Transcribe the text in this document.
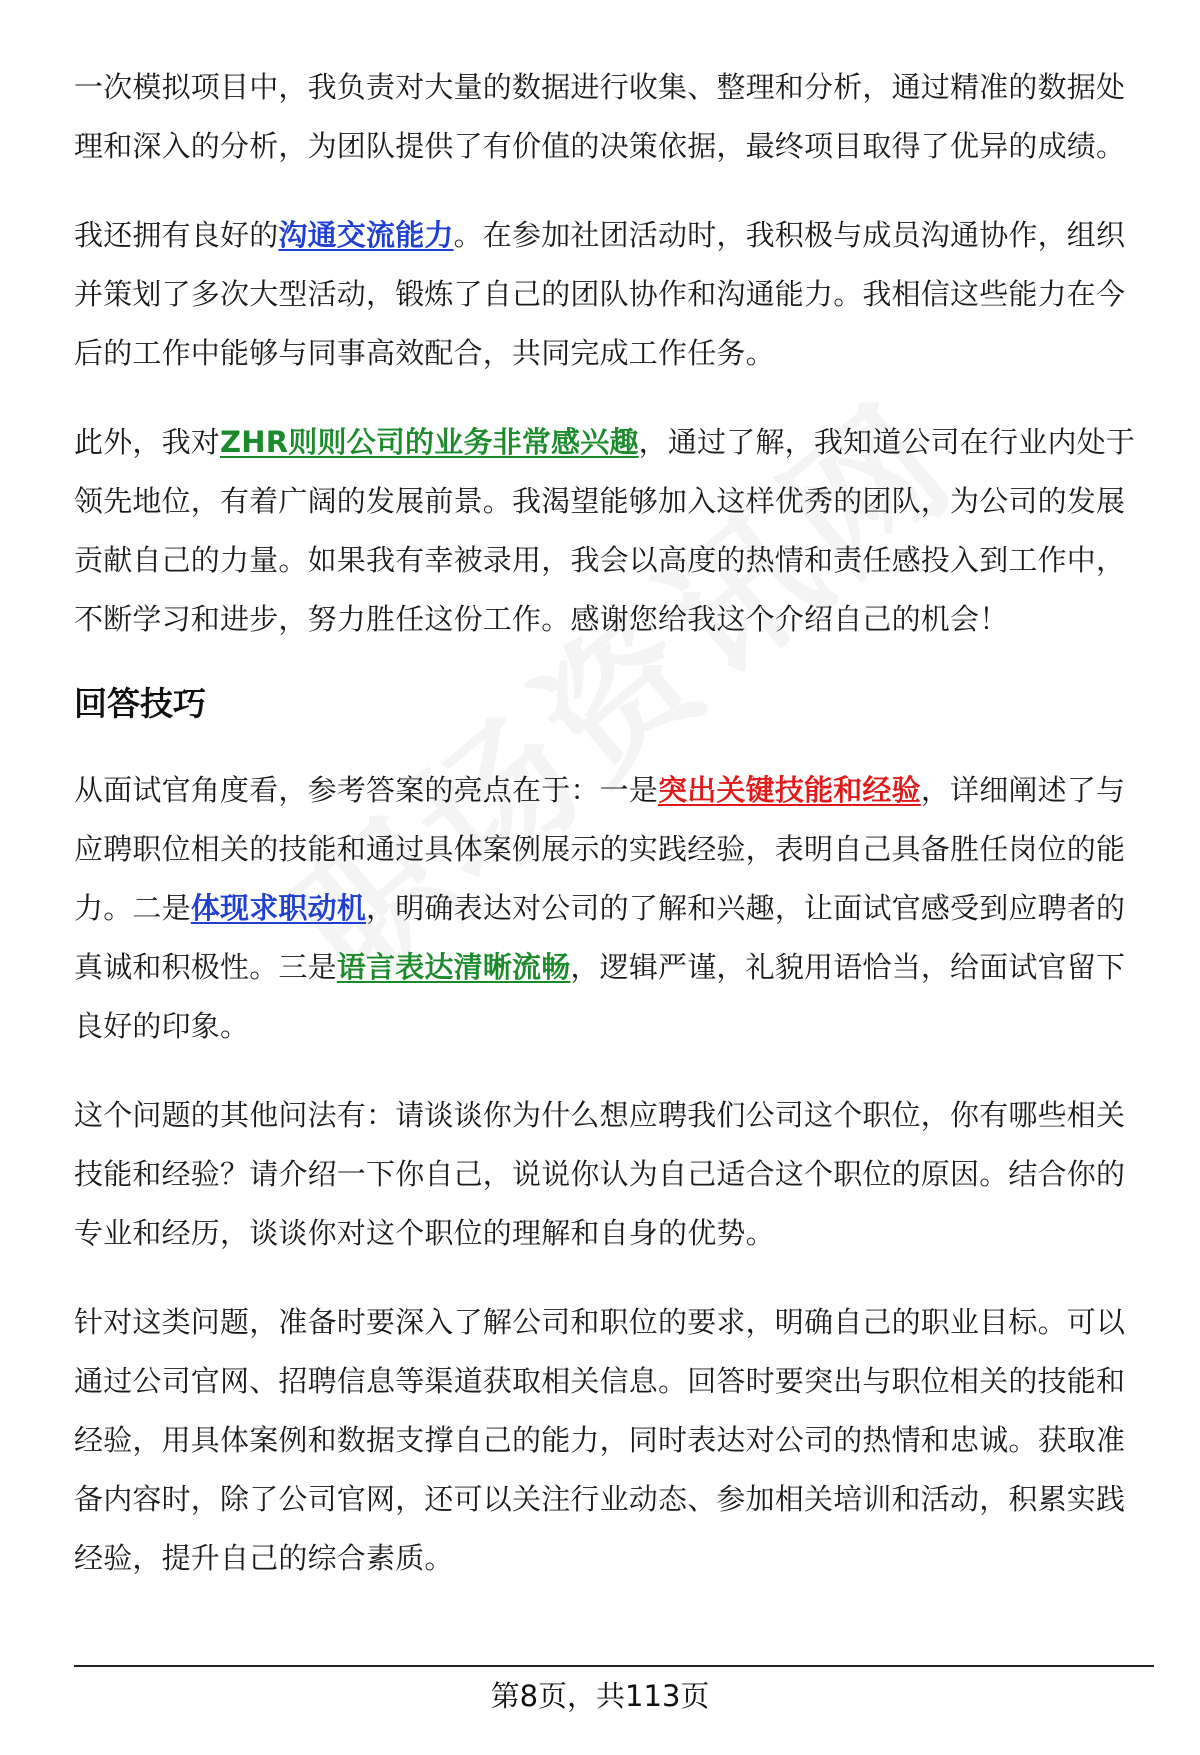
一次模拟项目中，我负责对大量的数据进行收集、整理和分析，通过精准的数据处理和深入的分析，为团队提供了有价值的决策依据，最终项目取得了优异的成绩。

我还拥有良好的沟通交流能力。在参加社团活动时，我积极与成员沟通协作，组织并策划了多次大型活动，锻炼了自己的团队协作和沟通能力。我相信这些能力在今后的工作中能够与同事高效配合，共同完成工作任务。

此外，我对ZHR则则公司的业务非常感兴趣，通过了解，我知道公司在行业内处于领先地位，有着广阔的发展前景。我渴望能够加入这样优秀的团队，为公司的发展贡献自己的力量。如果我有幸被录用，我会以高度的热情和责任感投入到工作中，不断学习和进步，努力胜任这份工作。感谢您给我这个介绍自己的机会！

回答技巧

从面试官角度看，参考答案的亮点在于：一是突出关键技能和经验，详细阐述了与应聘职位相关的技能和通过具体案例展示的实践经验，表明自己具备胜任岗位的能力。二是体现求职动机，明确表达对公司的了解和兴趣，让面试官感受到应聘者的真诚和积极性。三是语言表达清晰流畅，逻辑严谨，礼貌用语恰当，给面试官留下良好的印象。

这个问题的其他问法有：请谈谈你为什么想应聘我们公司这个职位，你有哪些相关技能和经验？请介绍一下你自己，说说你认为自己适合这个职位的原因。结合你的专业和经历，谈谈你对这个职位的理解和自身的优势。

针对这类问题，准备时要深入了解公司和职位的要求，明确自己的职业目标。可以通过公司官网、招聘信息等渠道获取相关信息。回答时要突出与职位相关的技能和经验，用具体案例和数据支撑自己的能力，同时表达对公司的热情和忠诚。获取准备内容时，除了公司官网，还可以关注行业动态、参加相关培训和活动，积累实践经验，提升自己的综合素质。

第8页，共113页
